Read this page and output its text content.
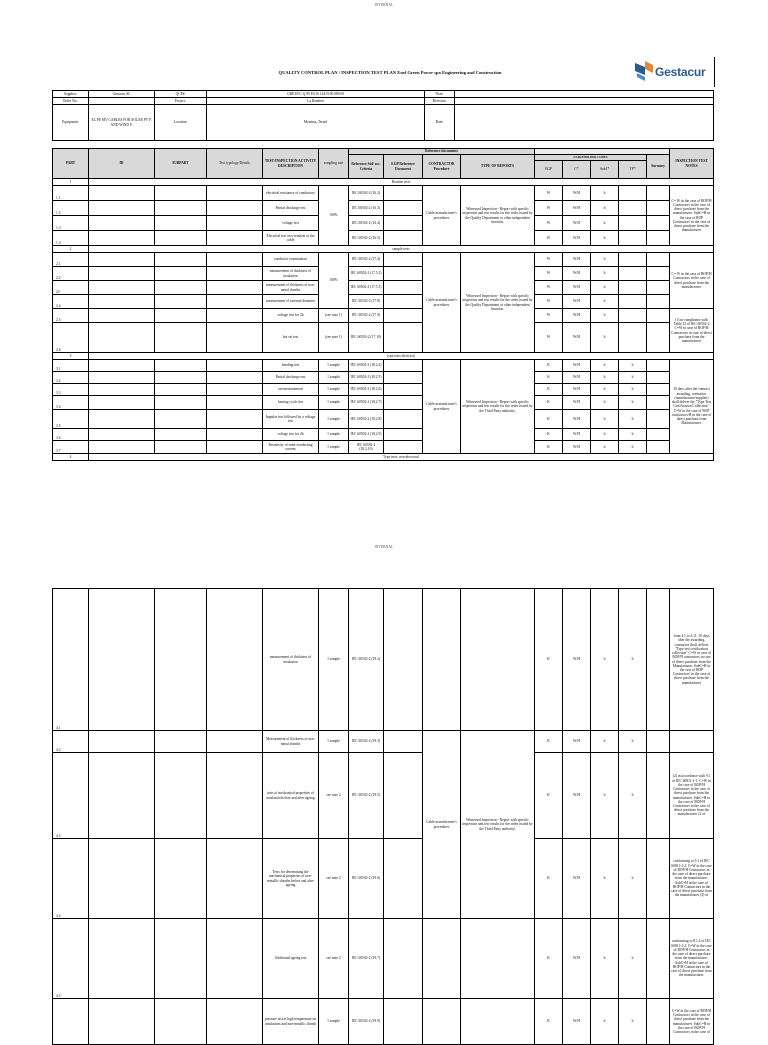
INTERNAL
QUALITY CONTROL PLAN / INSPECTION TEST PLAN Enel Green Power spa Engineering and Construction	Gestacur
Supplier:	Gestacur SL	QCP#:	GRE.EEC.Q.99.ES.W.14419.00.089.00	Note:	
Order No.:		Project:	La Bandera	Revision:	
Equipment:	XL PE MV CABLES FOR SOLAR PV P. AND WIND F.	Location:	Montesa, Teruel	Date:	
PART	ID	SUBPART	Test typology/Details	TEST/INSPECTION ACTIVITY DESCRIPTION	sampling rate	Reference documents									INSPECTION TEST NOTES
						Reference Std/ acc. Criteria	EGP Reference Document	CONTRACTOR Procedure	TYPE OF REPORTS	STAKEHOLDER CODES				Surmary	
										EGP	C*	Sub1*	TP*		
1	Routine tests														
1.1				electrical resistance of conductors	100%	IEC 60502-2 (16.2)		Cable manufacturer's procedures	Witnessed Inspection - Report with specific inspection and test results for the order issued by the Quality Department or other independent function.	W	W/H	h			C= W in the case of BOP/H Contractors in the case of direct purchase from the manufacturer. SubC=H in the case of BOP Contractors' in the case of direct purchase from the manufacturer
1.2				Partial discharge test		IEC 60502-2 (16.3)				W	W/H	h			
1.3				voltage test		IEC 60502-2 (16.4)				W	W/H	h			
1.4				Electrical test on oversheat of the cable		IEC 60502-2 (16.5)				W	W/H	h			
2	sample tests														
2.1				conductor examination	100%	IEC 60502-2 (17.4)		Cable manufacturer's procedures	Witnessed Inspection - Report with specific inspection and test results for the order issued by the Quality Department or other independent function.	W	W/H	h			C= W in the case of BOP/H Contractors in the case of direct purchase from the manufacturer.
2.2				measurement of thickness of insulation		IEC 60502-2 (17.5.2)				W	W/H	h			
23				measurement of thickness of non-metal sheaths		IEC 60502-2 (17.5.3)				W	W/H	h			
2.4				measurement of external diameter		IEC 60502-2 (17.8)				W	W/H	h			
2.5				voltage test for 4h	(see note 1)	IEC 60502-2 (17.9)				W	W/H	h			(1) in compliance with Table 12 of IEC 60502-2 C=W in case of BOP/H Contractors in case of direct purchase from the manufacturer
2.6				hot set test	(see note 1)	IEC 60502-2 (17.10)				W	W/H	h			
3	type tests electrical														
3.1				bending test	1 sample	IEC 60502-2 (18.2.4)		Cable manufacturer's procedures	Witnessed Inspection - Report with specific inspection and test results for the order issued by the Third Party authority.	K	W/H	h	h		10 days after the contract awarding, contractor (manufacturer/supplier) shall deliver the "Type Test Certification Collection". C=W in the case of BOP contractors/H in the case of direct purchase from Manufacturer.
3.2				Partial discharge test	1 sample	IEC 60502-2 (18.2.5)				K	W/H	h	h		
3.3				tan measurement	1 sample	IEC 60502-2 (18.2.6)				K	W/H	h	h		
3.4				heating cycle test	1 sample	IEC 60502-2 (18.2.7)				K	W/H	h	h		
3.5				Impulse test followed by a voltage test	1 sample	IEC 60502-2 (18.2.8)				K	W/H	h	h		
3.6				voltage test for 4h	1 sample	IEC 60502-2 (18.2.9)				K	W/H	h	h		
3.7				Resistivity of semi-conducting screens	1 sample	IEC 60502-2 (18.2.10)				K	W/H	h	h		
4	Type tests, non-electrical														
INTERNAL
4.1				measurement of thickness of insulation	1 sample	IEC 60502-2 (19.2)				K	W/H	h	h		from 4.1 to 4.11: 10 days after the awarding, contractor shall, deliver "Type test certification collection" C=W in case of BOP/H contractors in case of direct purchase from the Manufacturer. SubC=H in the case of BOP Contractors' in the case of direct purchase from the manufacturer
4.2				Measurement of thickness of non-metal sheaths	1 sample	IEC 60502-2 (19.3)		Cable manufacturer's procedures	Witnessed Inspection - Report with specific inspection and test results for the order issued by the Third Party authority.	K	W/H	h	h		
4.3				tests of mechanical properties of insulation before and after ageing	see note 2	IEC 60502-2 (19.5)				K	W/H	h	h		(2) in accordance with 9.1 of IEC 60811-1-1. C=W in the case of BOP/H Contractors in the case of direct purchase from the manufacturer. SubC=H in the case of BOP/H Contractors in the case of direct purchase from the manufacturer. (2 of
4.4				Tests for determining the mechanical properties of non-metallic sheaths before and after ageing	see note 3	IEC 60502-2 (19.6)				K	W/H	h	h		conforming to 9.1 of IEC 60811-1-2. C=W in the case of BOP/H Contractors in the case of direct purchase from the manufacturer. SubC=H in the case of BOP/H Contractors in the case of direct purchase from the manufacturer (3) of
4.5				Additional ageing test	see note 3	IEC 60502-2 (19.7)				K	W/H	h	h		conforming to 8.1.4 of IEC 60811-1-2. C=W in the case of BOP/H Contractors in the case of direct purchase from the manufacturer. SubC=H in the case of BOP/H Contractors in the case of direct purchase from the manufacturer.
				pressure test at high temperature on insulations and non-metallic sheath	1 sample	IEC 60502-2 (19.9)				K	W/H	h	h		C=W in the case of BOP/H Contractors in the case of direct purchase from the manufacturer. SubC=H in the case of BOP/H Contractors in the case of
